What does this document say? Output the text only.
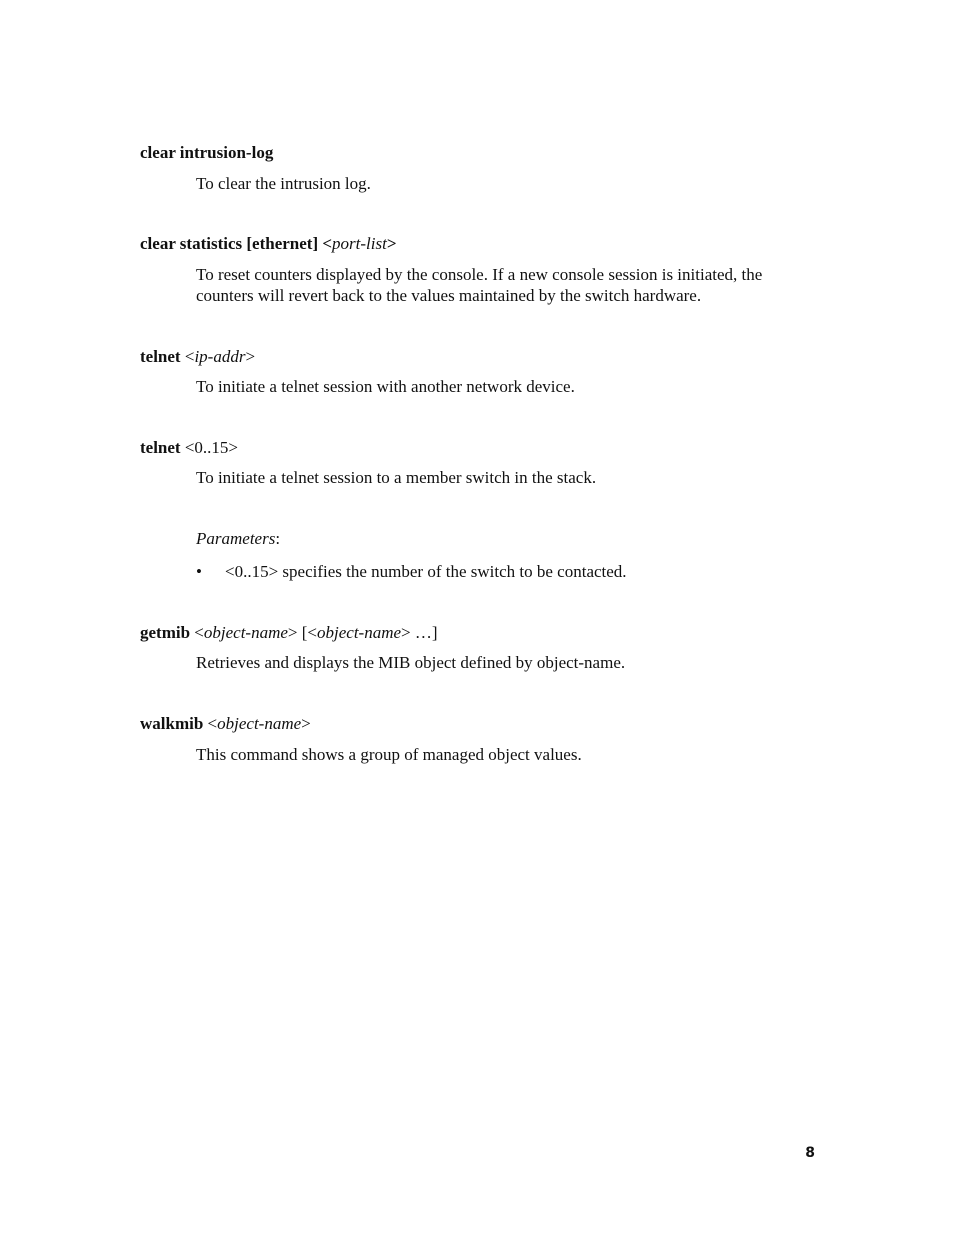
clear intrusion-log
To clear the intrusion log.
clear statistics [ethernet] <port-list>
To reset counters displayed by the console. If a new console session is initiated, the counters will revert back to the values maintained by the switch hardware.
telnet <ip-addr>
To initiate a telnet session with another network device.
telnet <0..15>
To initiate a telnet session to a member switch in the stack.
Parameters:
•	<0..15> specifies the number of the switch to be contacted.
getmib <object-name> [<object-name> …]
Retrieves and displays the MIB object defined by object-name.
walkmib <object-name>
This command shows a group of managed object values.
8
